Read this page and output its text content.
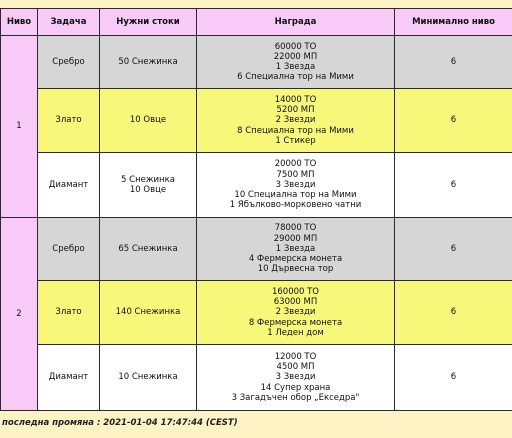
Ниво	Задача	Нужни стоки	Награда	Минимално ниво
1	Сребро	50 Снежинка	60000 ТО
22000 МП
1 Звезда
6 Специална тор на Мими	6
	Злато	10 Овце	14000 ТО
5200 МП
2 Звезди
8 Специална тор на Мими
1 Стикер	6
	Диамант	5 Снежинка
10 Овце	20000 ТО
7500 МП
3 Звезди
10 Специална тор на Мими
1 Ябълково-морковено чатни	6
2	Сребро	65 Снежинка	78000 ТО
29000 МП
1 Звезда
4 Фермерска монета
10 Дървесна тор	6
	Злато	140 Снежинка	160000 ТО
63000 МП
2 Звезди
8 Фермерска монета
1 Леден дом	6
	Диамант	10 Снежинка	12000 ТО
4500 МП
3 Звезди
14 Супер храна
3 Загадъчен обор „Екседра"	6
последна промяна : 2021-01-04 17:47:44 (CEST)
